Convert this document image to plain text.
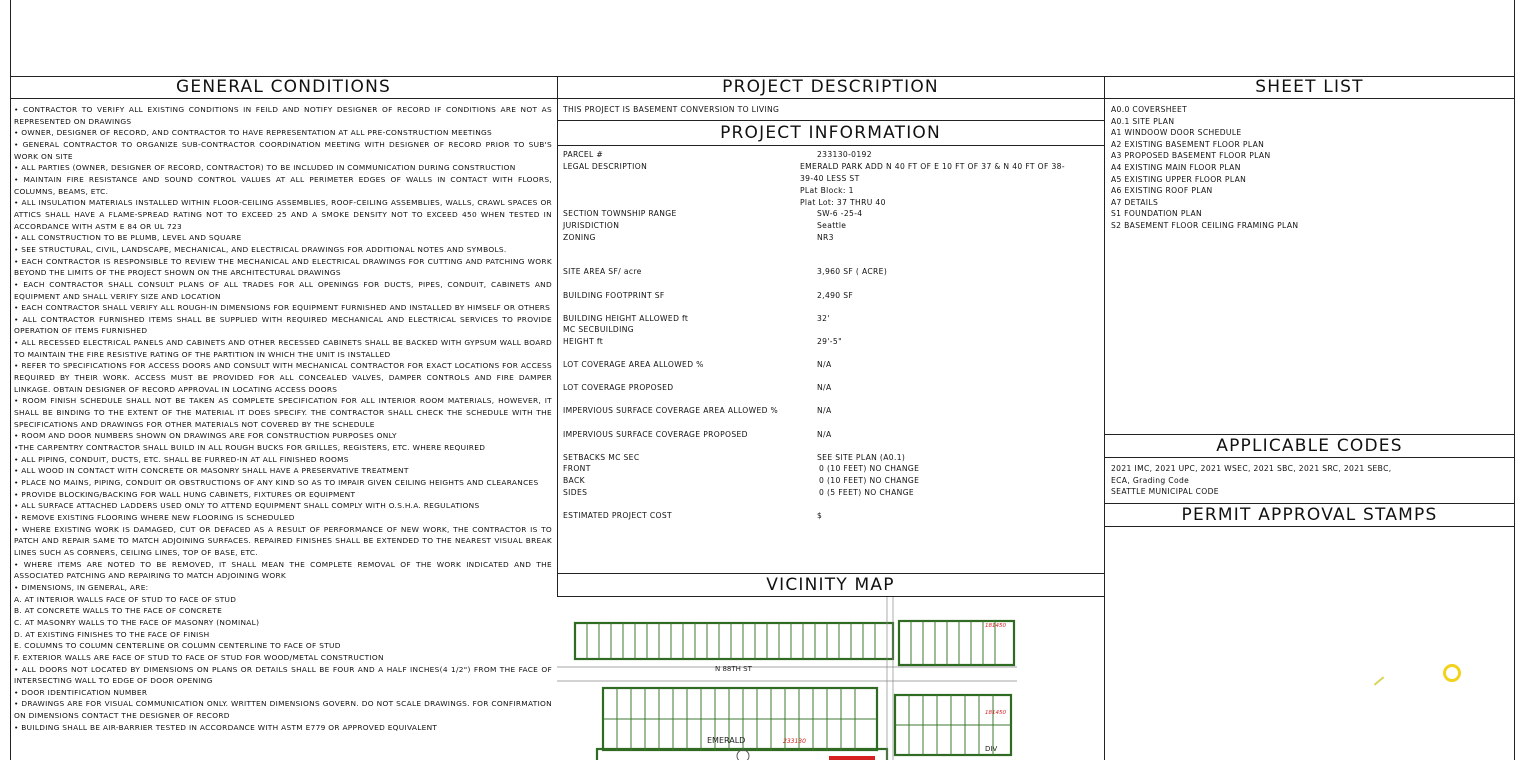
GENERAL CONDITIONS
• CONTRACTOR TO VERIFY ALL EXISTING CONDITIONS IN FEILD AND NOTIFY DESIGNER OF RECORD IF CONDITIONS ARE NOT AS REPRESENTED ON DRAWINGS
• OWNER, DESIGNER OF RECORD, AND CONTRACTOR TO HAVE REPRESENTATION AT ALL PRE-CONSTRUCTION MEETINGS
• GENERAL CONTRACTOR TO ORGANIZE SUB-CONTRACTOR COORDINATION MEETING WITH DESIGNER OF RECORD PRIOR TO SUB'S WORK ON SITE
• ALL PARTIES (OWNER, DESIGNER OF RECORD, CONTRACTOR) TO BE INCLUDED IN COMMUNICATION DURING CONSTRUCTION
• MAINTAIN FIRE RESISTANCE AND SOUND CONTROL VALUES AT ALL PERIMETER EDGES OF WALLS IN CONTACT WITH FLOORS, COLUMNS, BEAMS, ETC.
• ALL INSULATION MATERIALS INSTALLED WITHIN FLOOR-CEILING ASSEMBLIES, ROOF-CEILING ASSEMBLIES, WALLS, CRAWL SPACES OR ATTICS SHALL HAVE A FLAME-SPREAD RATING NOT TO EXCEED 25 AND A SMOKE DENSITY NOT TO EXCEED 450 WHEN TESTED IN ACCORDANCE WITH ASTM E 84 OR UL 723
• ALL CONSTRUCTION TO BE PLUMB, LEVEL AND SQUARE
• SEE STRUCTURAL, CIVIL, LANDSCAPE, MECHANICAL, AND ELECTRICAL DRAWINGS FOR ADDITIONAL NOTES AND SYMBOLS.
• EACH CONTRACTOR IS RESPONSIBLE TO REVIEW THE MECHANICAL AND ELECTRICAL DRAWINGS FOR CUTTING AND PATCHING WORK BEYOND THE LIMITS OF THE PROJECT SHOWN ON THE ARCHITECTURAL DRAWINGS
• EACH CONTRACTOR SHALL CONSULT PLANS OF ALL TRADES FOR ALL OPENINGS FOR DUCTS, PIPES, CONDUIT, CABINETS AND EQUIPMENT AND SHALL VERIFY SIZE AND LOCATION
• EACH CONTRACTOR SHALL VERIFY ALL ROUGH-IN DIMENSIONS FOR EQUIPMENT FURNISHED AND INSTALLED BY HIMSELF OR OTHERS
• ALL CONTRACTOR FURNISHED ITEMS SHALL BE SUPPLIED WITH REQUIRED MECHANICAL AND ELECTRICAL SERVICES TO PROVIDE OPERATION OF ITEMS FURNISHED
• ALL RECESSED ELECTRICAL PANELS AND CABINETS AND OTHER RECESSED CABINETS SHALL BE BACKED WITH GYPSUM WALL BOARD TO MAINTAIN THE FIRE RESISTIVE RATING OF THE PARTITION IN WHICH THE UNIT IS INSTALLED
• REFER TO SPECIFICATIONS FOR ACCESS DOORS AND CONSULT WITH MECHANICAL CONTRACTOR FOR EXACT LOCATIONS FOR ACCESS REQUIRED BY THEIR WORK. ACCESS MUST BE PROVIDED FOR ALL CONCEALED VALVES, DAMPER CONTROLS AND FIRE DAMPER LINKAGE. OBTAIN DESIGNER OF RECORD APPROVAL IN LOCATING ACCESS DOORS
• ROOM FINISH SCHEDULE SHALL NOT BE TAKEN AS COMPLETE SPECIFICATION FOR ALL INTERIOR ROOM MATERIALS, HOWEVER, IT SHALL BE BINDING TO THE EXTENT OF THE MATERIAL IT DOES SPECIFY. THE CONTRACTOR SHALL CHECK THE SCHEDULE WITH THE SPECIFICATIONS AND DRAWINGS FOR OTHER MATERIALS NOT COVERED BY THE SCHEDULE
• ROOM AND DOOR NUMBERS SHOWN ON DRAWINGS ARE FOR CONSTRUCTION PURPOSES ONLY
•THE CARPENTRY CONTRACTOR SHALL BUILD IN ALL ROUGH BUCKS FOR GRILLES, REGISTERS, ETC. WHERE REQUIRED
• ALL PIPING, CONDUIT, DUCTS, ETC. SHALL BE FURRED-IN AT ALL FINISHED ROOMS
• ALL WOOD IN CONTACT WITH CONCRETE OR MASONRY SHALL HAVE A PRESERVATIVE TREATMENT
• PLACE NO MAINS, PIPING, CONDUIT OR OBSTRUCTIONS OF ANY KIND SO AS TO IMPAIR GIVEN CEILING HEIGHTS AND CLEARANCES
• PROVIDE BLOCKING/BACKING FOR WALL HUNG CABINETS, FIXTURES OR EQUIPMENT
• ALL SURFACE ATTACHED LADDERS USED ONLY TO ATTEND EQUIPMENT SHALL COMPLY WITH O.S.H.A. REGULATIONS
• REMOVE EXISTING FLOORING WHERE NEW FLOORING IS SCHEDULED
• WHERE EXISTING WORK IS DAMAGED, CUT OR DEFACED AS A RESULT OF PERFORMANCE OF NEW WORK, THE CONTRACTOR IS TO PATCH AND REPAIR SAME TO MATCH ADJOINING SURFACES. REPAIRED FINISHES SHALL BE EXTENDED TO THE NEAREST VISUAL BREAK LINES SUCH AS CORNERS, CEILING LINES, TOP OF BASE, ETC.
• WHERE ITEMS ARE NOTED TO BE REMOVED, IT SHALL MEAN THE COMPLETE REMOVAL OF THE WORK INDICATED AND THE ASSOCIATED PATCHING AND REPAIRING TO MATCH ADJOINING WORK
• DIMENSIONS, IN GENERAL, ARE:
A. AT INTERIOR WALLS FACE OF STUD TO FACE OF STUD
B. AT CONCRETE WALLS TO THE FACE OF CONCRETE
C. AT MASONRY WALLS TO THE FACE OF MASONRY (NOMINAL)
D. AT EXISTING FINISHES TO THE FACE OF FINISH
E. COLUMNS TO COLUMN CENTERLINE OR COLUMN CENTERLINE TO FACE OF STUD
F. EXTERIOR WALLS ARE FACE OF STUD TO FACE OF STUD FOR WOOD/METAL CONSTRUCTION
• ALL DOORS NOT LOCATED BY DIMENSIONS ON PLANS OR DETAILS SHALL BE FOUR AND A HALF INCHES(4 1/2") FROM THE FACE OF INTERSECTING WALL TO EDGE OF DOOR OPENING
• DOOR IDENTIFICATION NUMBER
• DRAWINGS ARE FOR VISUAL COMMUNICATION ONLY. WRITTEN DIMENSIONS GOVERN. DO NOT SCALE DRAWINGS. FOR CONFIRMATION ON DIMENSIONS CONTACT THE DESIGNER OF RECORD
• BUILDING SHALL BE AIR-BARRIER TESTED IN ACCORDANCE WITH ASTM E779 OR APPROVED EQUIVALENT
PROJECT DESCRIPTION
THIS PROJECT IS BASEMENT CONVERSION TO LIVING
PROJECT INFORMATION
PARCEL #	233130-0192
LEGAL DESCRIPTION	EMERALD PARK ADD N 40 FT OF E 10 FT OF 37 & N 40 FT OF 38-
39-40 LESS ST
PLat Block: 1
Plat Lot: 37 THRU 40
SECTION TOWNSHIP RANGE	SW-6 -25-4
JURISDICTION	Seattle
ZONING	NR3
SITE AREA SF/ acre	3,960 SF ( ACRE)
BUILDING FOOTPRINT SF	2,490 SF
BUILDING HEIGHT ALLOWED ft	32'
MC SECBUILDING
HEIGHT ft	29'-5"
LOT COVERAGE AREA ALLOWED %	N/A
LOT COVERAGE PROPOSED	N/A
IMPERVIOUS SURFACE COVERAGE AREA ALLOWED %	N/A
IMPERVIOUS SURFACE COVERAGE PROPOSED	N/A
SETBACKS MC SEC	SEE SITE PLAN (A0.1)
FRONT	0 (10 FEET) NO CHANGE
BACK	0 (10 FEET) NO CHANGE
SIDES	0 (5 FEET) NO CHANGE
ESTIMATED PROJECT COST	$
VICINITY MAP
N 88TH ST
EMERALD	233130
DIV
181450
181450
SHEET LIST
A0.0 COVERSHEET
A0.1 SITE PLAN
A1 WINDOOW DOOR SCHEDULE
A2 EXISTING BASEMENT FLOOR PLAN
A3 PROPOSED BASEMENT FLOOR PLAN
A4 EXISTING MAIN FLOOR PLAN
A5 EXISTING UPPER FLOOR PLAN
A6 EXISTING ROOF PLAN
A7 DETAILS
S1 FOUNDATION PLAN
S2 BASEMENT FLOOR CEILING FRAMING PLAN
APPLICABLE CODES
2021 IMC, 2021 UPC, 2021 WSEC, 2021 SBC, 2021 SRC, 2021 SEBC,
ECA, Grading Code
SEATTLE MUNICIPAL CODE
PERMIT APPROVAL STAMPS
